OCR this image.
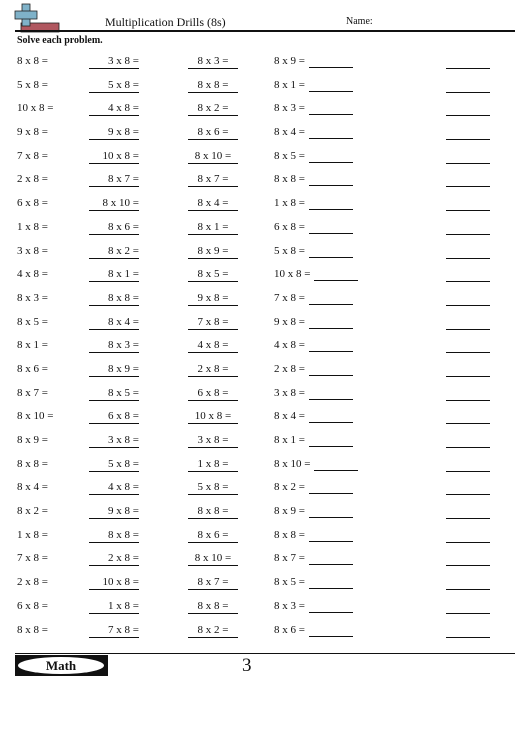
Multiplication Drills (8s)	Name:
Solve each problem.
8 x 8 =	3 x 8 =	8 x 3 =	8 x 9 =
5 x 8 =	5 x 8 =	8 x 8 =	8 x 1 =
10 x 8 =	4 x 8 =	8 x 2 =	8 x 3 =
9 x 8 =	9 x 8 =	8 x 6 =	8 x 4 =
7 x 8 =	10 x 8 =	8 x 10 =	8 x 5 =
2 x 8 =	8 x 7 =	8 x 7 =	8 x 8 =
6 x 8 =	8 x 10 =	8 x 4 =	1 x 8 =
1 x 8 =	8 x 6 =	8 x 1 =	6 x 8 =
3 x 8 =	8 x 2 =	8 x 9 =	5 x 8 =
4 x 8 =	8 x 1 =	8 x 5 =	10 x 8 =
8 x 3 =	8 x 8 =	9 x 8 =	7 x 8 =
8 x 5 =	8 x 4 =	7 x 8 =	9 x 8 =
8 x 1 =	8 x 3 =	4 x 8 =	4 x 8 =
8 x 6 =	8 x 9 =	2 x 8 =	2 x 8 =
8 x 7 =	8 x 5 =	6 x 8 =	3 x 8 =
8 x 10 =	6 x 8 =	10 x 8 =	8 x 4 =
8 x 9 =	3 x 8 =	3 x 8 =	8 x 1 =
8 x 8 =	5 x 8 =	1 x 8 =	8 x 10 =
8 x 4 =	4 x 8 =	5 x 8 =	8 x 2 =
8 x 2 =	9 x 8 =	8 x 8 =	8 x 9 =
1 x 8 =	8 x 8 =	8 x 6 =	8 x 8 =
7 x 8 =	2 x 8 =	8 x 10 =	8 x 7 =
2 x 8 =	10 x 8 =	8 x 7 =	8 x 5 =
6 x 8 =	1 x 8 =	8 x 8 =	8 x 3 =
8 x 8 =	7 x 8 =	8 x 2 =	8 x 6 =
Math	3
